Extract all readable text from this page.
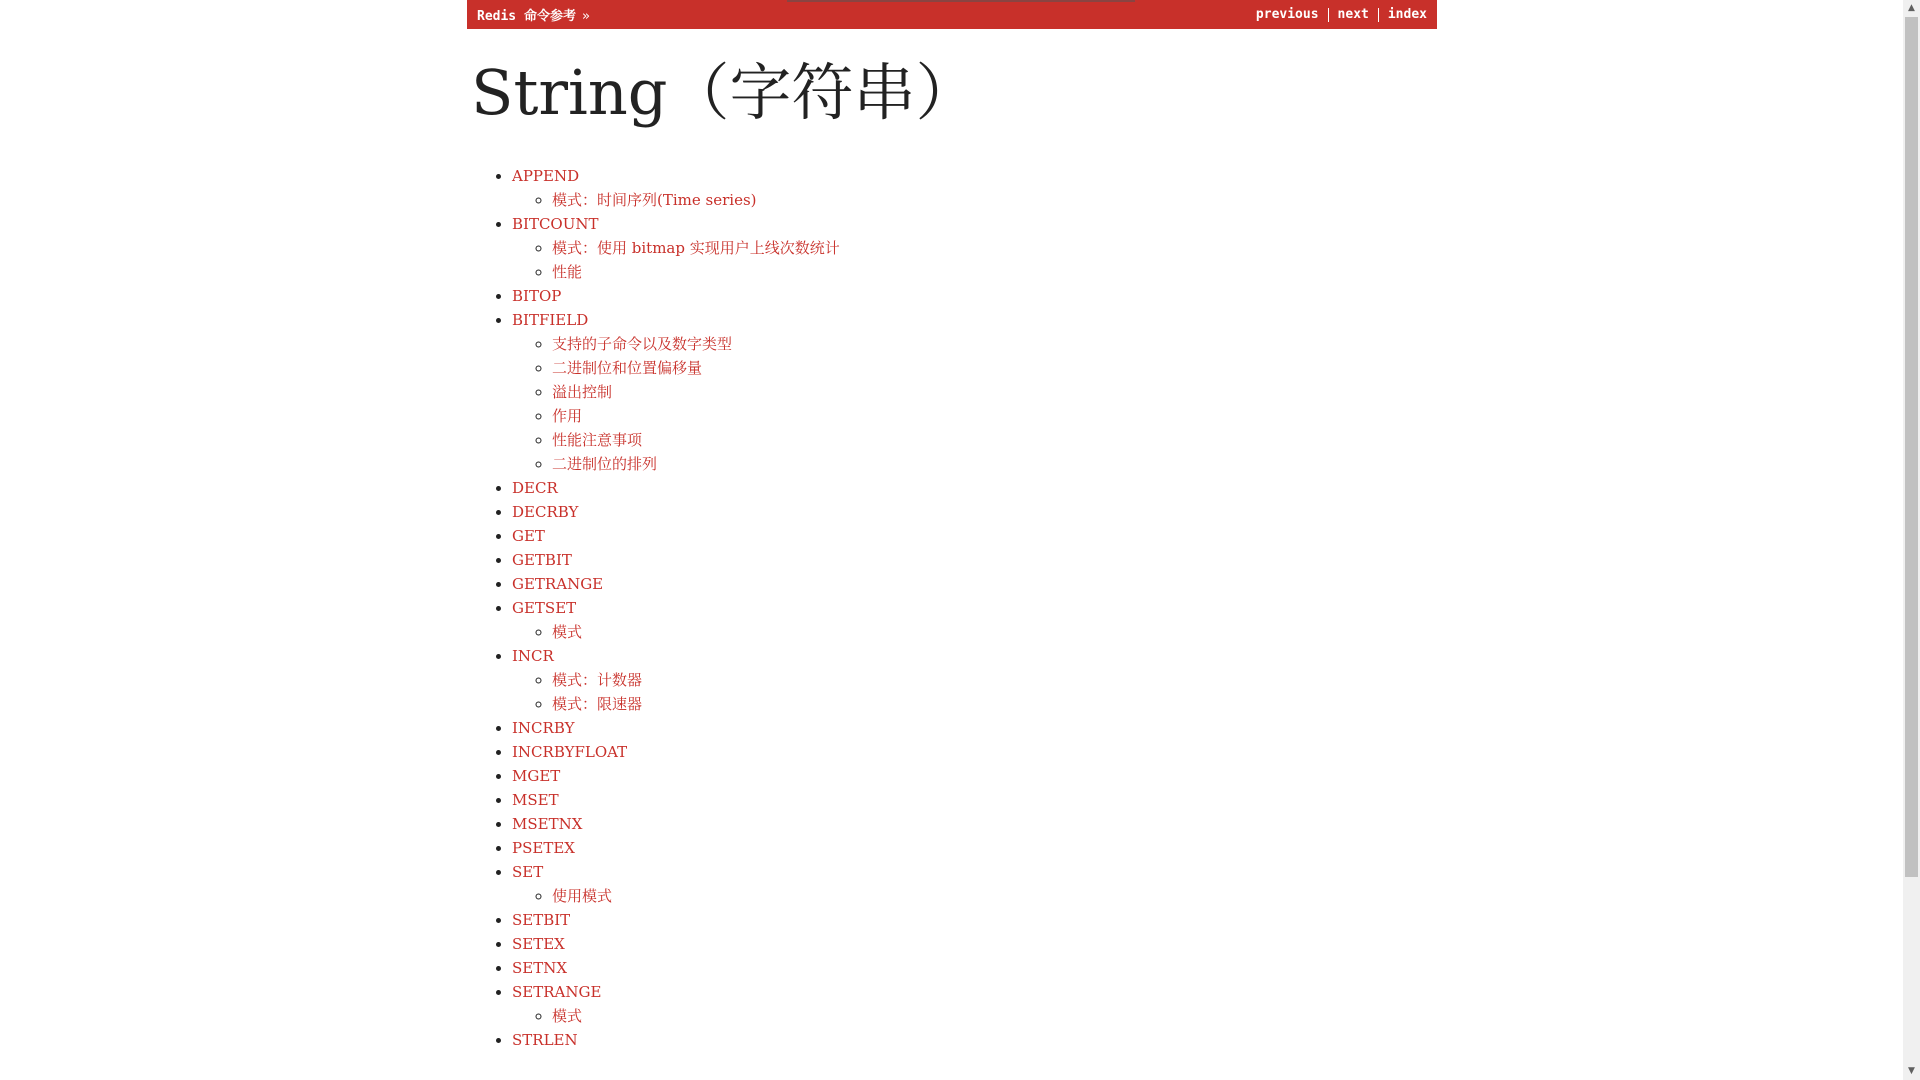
Redis 命令参考 »	previous	next	index
String（字符串）
• APPEND
◦ 模式：时间序列(Time series)
• BITCOUNT
◦ 模式：使用 bitmap 实现用户上线次数统计
◦ 性能
• BITOP
• BITFIELD
◦ 支持的子命令以及数字类型
◦ 二进制位和位置偏移量
◦ 溢出控制
◦ 作用
◦ 性能注意事项
◦ 二进制位的排列
• DECR
• DECRBY
• GET
• GETBIT
• GETRANGE
• GETSET
◦ 模式
• INCR
◦ 模式：计数器
◦ 模式：限速器
• INCRBY
• INCRBYFLOAT
• MGET
• MSET
• MSETNX
• PSETEX
• SET
◦ 使用模式
• SETBIT
• SETEX
• SETNX
• SETRANGE
◦ 模式
• STRLEN
▲
▼
